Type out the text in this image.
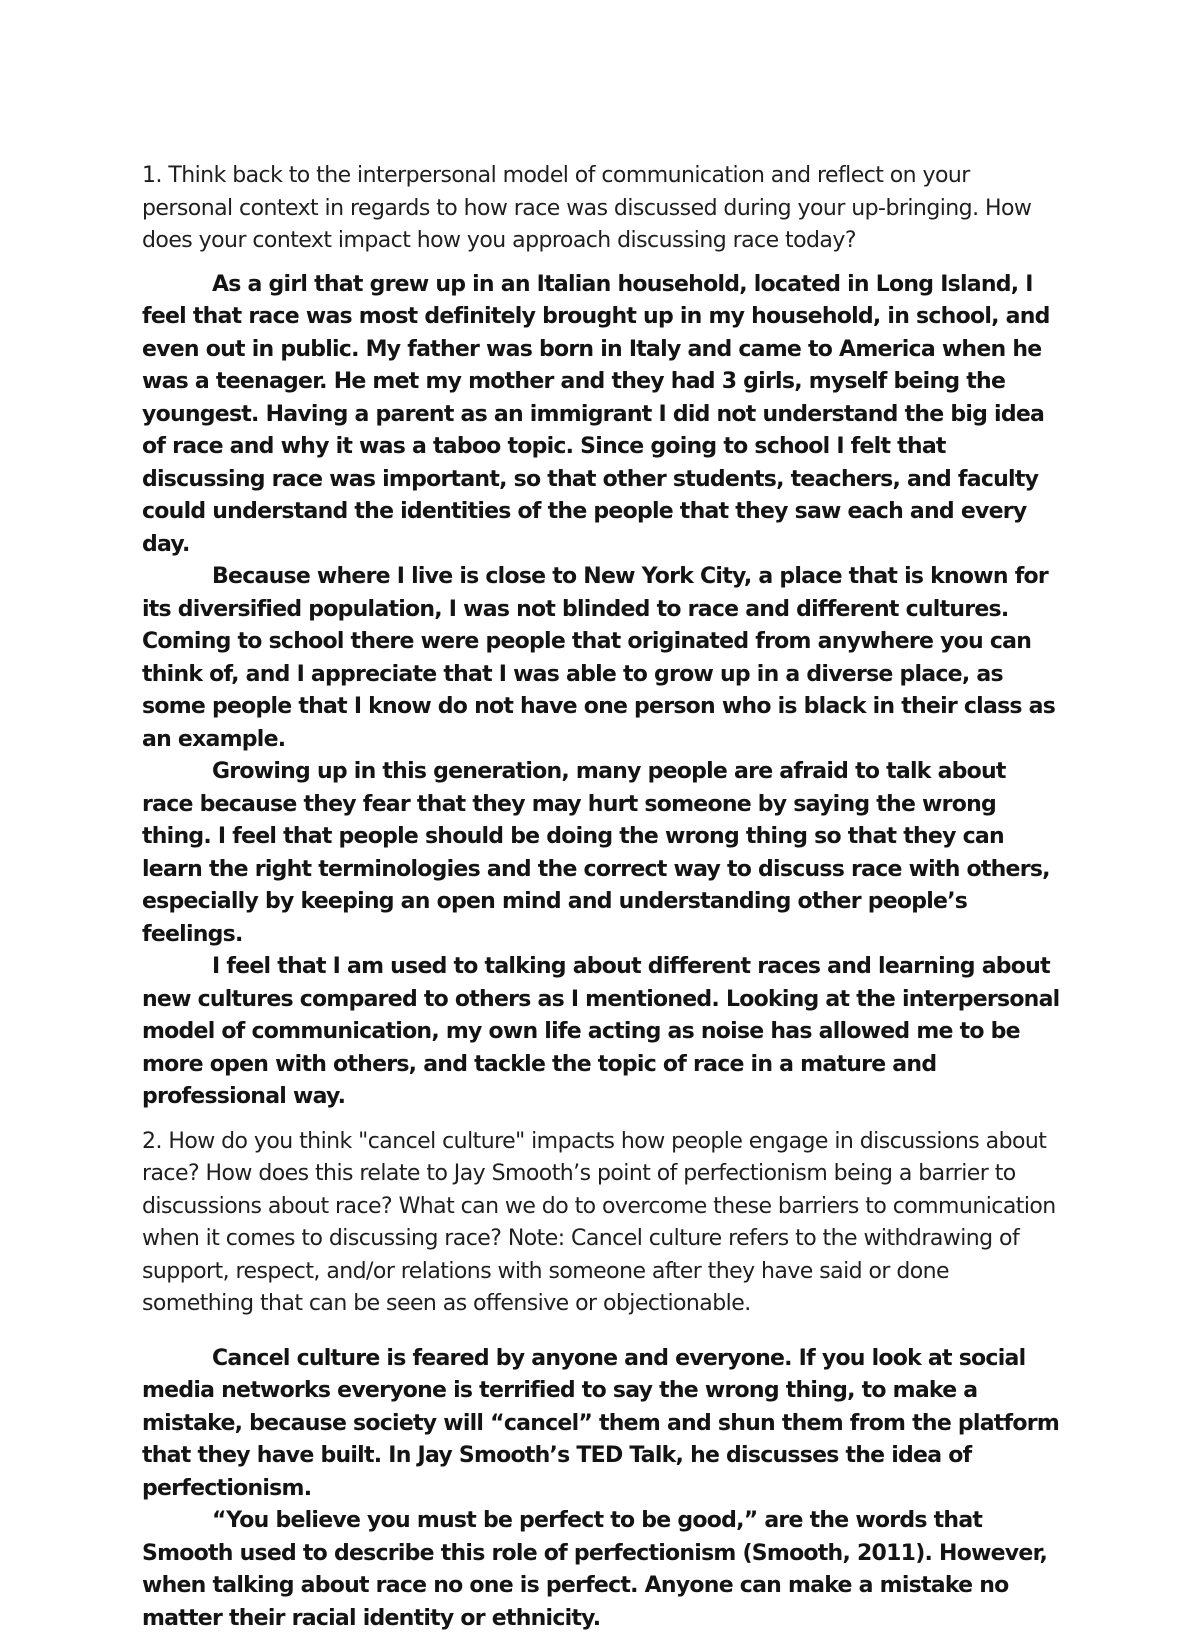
1. Think back to the interpersonal model of communication and reflect on your personal context in regards to how race was discussed during your up-bringing. How does your context impact how you approach discussing race today?

As a girl that grew up in an Italian household, located in Long Island, I feel that race was most definitely brought up in my household, in school, and even out in public. My father was born in Italy and came to America when he was a teenager. He met my mother and they had 3 girls, myself being the youngest. Having a parent as an immigrant I did not understand the big idea of race and why it was a taboo topic. Since going to school I felt that discussing race was important, so that other students, teachers, and faculty could understand the identities of the people that they saw each and every day.

Because where I live is close to New York City, a place that is known for its diversified population, I was not blinded to race and different cultures. Coming to school there were people that originated from anywhere you can think of, and I appreciate that I was able to grow up in a diverse place, as some people that I know do not have one person who is black in their class as an example.

Growing up in this generation, many people are afraid to talk about race because they fear that they may hurt someone by saying the wrong thing. I feel that people should be doing the wrong thing so that they can learn the right terminologies and the correct way to discuss race with others, especially by keeping an open mind and understanding other people’s feelings.

I feel that I am used to talking about different races and learning about new cultures compared to others as I mentioned. Looking at the interpersonal model of communication, my own life acting as noise has allowed me to be more open with others, and tackle the topic of race in a mature and professional way.

2. How do you think "cancel culture" impacts how people engage in discussions about race? How does this relate to Jay Smooth’s point of perfectionism being a barrier to discussions about race? What can we do to overcome these barriers to communication when it comes to discussing race? Note: Cancel culture refers to the withdrawing of support, respect, and/or relations with someone after they have said or done something that can be seen as offensive or objectionable.

Cancel culture is feared by anyone and everyone. If you look at social media networks everyone is terrified to say the wrong thing, to make a mistake, because society will “cancel” them and shun them from the platform that they have built. In Jay Smooth’s TED Talk, he discusses the idea of perfectionism.

“You believe you must be perfect to be good,” are the words that Smooth used to describe this role of perfectionism (Smooth, 2011). However, when talking about race no one is perfect. Anyone can make a mistake no matter their racial identity or ethnicity.
